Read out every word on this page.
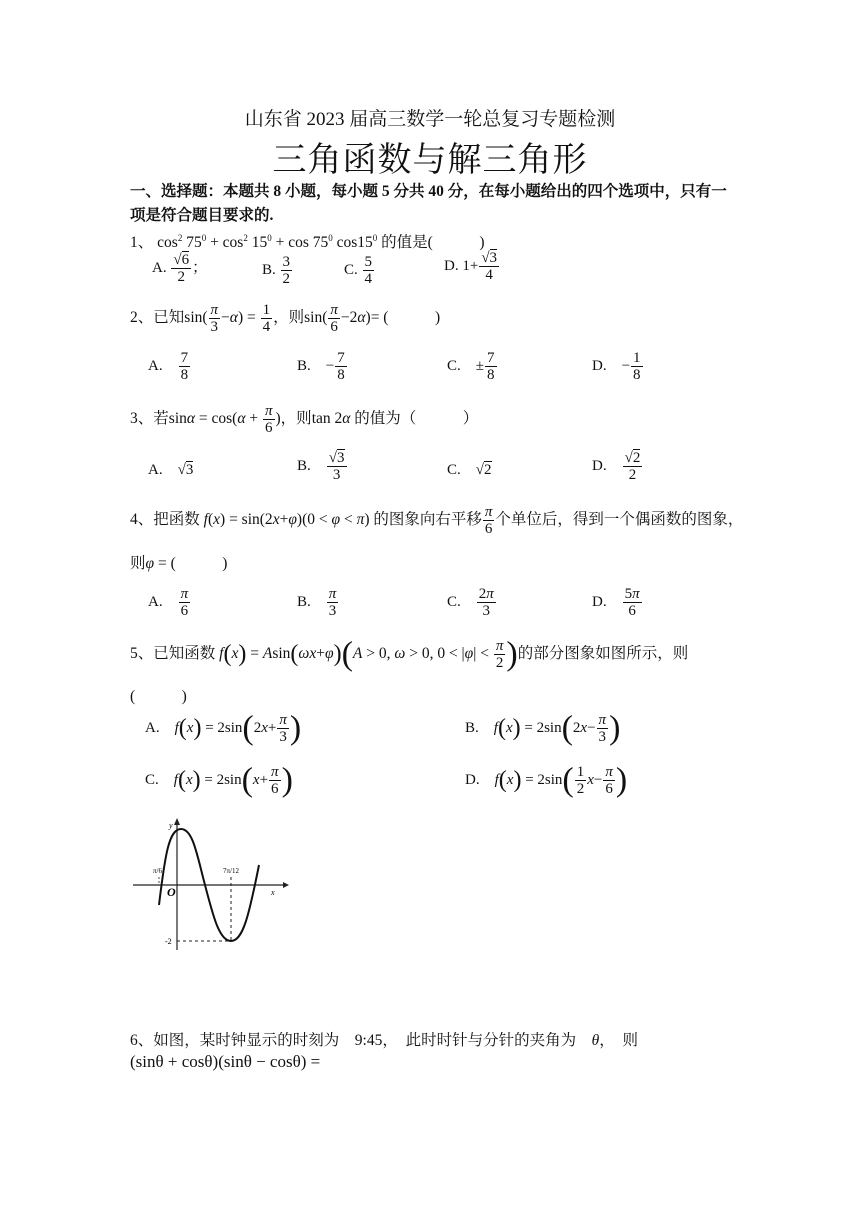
山东省 2023 届高三数学一轮总复习专题检测
三角函数与解三角形
一、选择题：本题共 8 小题，每小题 5 分共 40 分，在每小题给出的四个选项中，只有一项是符合题目要求的.
1、 $\cos^2 75^0 + \cos^2 15^0 + \cos 75^0$ $\cos 15^0$ 的值是(　　　)
A. $\frac{√6}{2}$ ；	B. $\frac{3}{2}$	C. $\frac{5}{4}$	D. $1+ \frac{√3}{4}$
2、已知$\sin( \frac{\pi}{3} -\alpha) = \frac{1}{4}$ ，则$\sin( \frac{\pi}{6} -2\alpha)=$ (　　　)
A.　 $\frac{7}{8}$	B.　− $\frac{7}{8}$	C.　± $\frac{7}{8}$	D.　− $\frac{1}{8}$
3、若$\sin\alpha = \cos(\alpha + \frac{\pi}{6}$ )，则tan 2α 的值为（　　　）
A.　√3	B.　 $\frac{√3}{3}$	C.　√2	D.　 $\frac{√2}{2}$
4、把函数 f(x) = sin(2x+φ)(0 < φ < π) 的图象向右平移 $\frac{\pi}{6}$ 个单位后，得到一个偶函数的图象，
则φ = (　　　)
A.　 $\frac{\pi}{6}$	B.　 $\frac{\pi}{3}$	C.　 $\frac{2\pi}{3}$	D.　 $\frac{5\pi}{6}$
5、已知函数 f(x) = Asin(ωx+φ)(A > 0, ω > 0, $0 < |\varphi| < \frac{\pi}{2}$ )的部分图象如图所示，则
(　　　)
A.　$f(x) = 2\sin(2x+ \frac{\pi}{3}$ )	B.　$f(x) = 2\sin(2x- \frac{\pi}{3}$ )
C.　$f(x) = 2\sin(x+ \frac{\pi}{6}$ )	D.　$f(x) = 2\sin( \frac{1}{2} x- \frac{\pi}{6}$ )
x
y
O
π/6	7π/12
-2
6、如图，某时钟显示的时刻为　 9:45，　此时时针与分针的夹角为　 θ，　则
(sinθ + cosθ)(sinθ − cosθ) =
